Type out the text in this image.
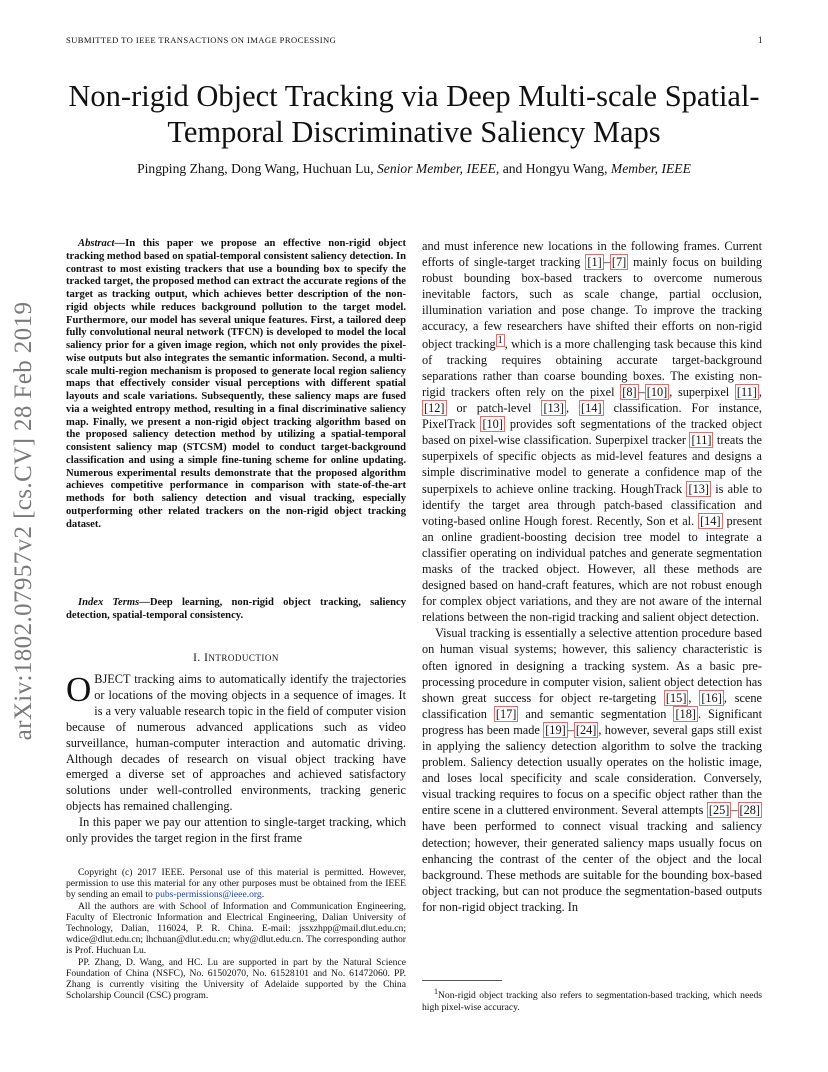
SUBMITTED TO IEEE TRANSACTIONS ON IMAGE PROCESSING	1
Non-rigid Object Tracking via Deep Multi-scale Spatial-Temporal Discriminative Saliency Maps
Pingping Zhang, Dong Wang, Huchuan Lu, Senior Member, IEEE, and Hongyu Wang, Member, IEEE
arXiv:1802.07957v2 [cs.CV] 28 Feb 2019

Abstract—In this paper we propose an effective non-rigid object tracking method based on spatial-temporal consistent saliency detection. In contrast to most existing trackers that use a bounding box to specify the tracked target, the proposed method can extract the accurate regions of the target as tracking output, which achieves better description of the non-rigid objects while reduces background pollution to the target model. Furthermore, our model has several unique features. First, a tailored deep fully convolutional neural network (TFCN) is developed to model the local saliency prior for a given image region, which not only provides the pixel-wise outputs but also integrates the semantic information. Second, a multi-scale multi-region mechanism is proposed to generate local region saliency maps that effectively consider visual perceptions with different spatial layouts and scale variations. Subsequently, these saliency maps are fused via a weighted entropy method, resulting in a final discriminative saliency map. Finally, we present a non-rigid object tracking algorithm based on the proposed saliency detection method by utilizing a spatial-temporal consistent saliency map (STCSM) model to conduct target-background classification and using a simple fine-tuning scheme for online updating. Numerous experimental results demonstrate that the proposed algorithm achieves competitive performance in comparison with state-of-the-art methods for both saliency detection and visual tracking, especially outperforming other related trackers on the non-rigid object tracking dataset.

Index Terms—Deep learning, non-rigid object tracking, saliency detection, spatial-temporal consistency.

I. INTRODUCTION

OBJECT tracking aims to automatically identify the trajectories or locations of the moving objects in a sequence of images. It is a very valuable research topic in the field of computer vision because of numerous advanced applications such as video surveillance, human-computer interaction and automatic driving. Although decades of research on visual object tracking have emerged a diverse set of approaches and achieved satisfactory solutions under well-controlled environments, tracking generic objects has remained challenging.

In this paper we pay our attention to single-target tracking, which only provides the target region in the first frame

Copyright (c) 2017 IEEE. Personal use of this material is permitted. However, permission to use this material for any other purposes must be obtained from the IEEE by sending an email to pubs-permissions@ieee.org.

All the authors are with School of Information and Communication Engineering, Faculty of Electronic Information and Electrical Engineering, Dalian University of Technology, Dalian, 116024, P. R. China. E-mail: jssxzhpp@mail.dlut.edu.cn; wdice@dlut.edu.cn; lhchuan@dlut.edu.cn; why@dlut.edu.cn. The corresponding author is Prof. Huchuan Lu.

PP. Zhang, D. Wang, and HC. Lu are supported in part by the Natural Science Foundation of China (NSFC), No. 61502070, No. 61528101 and No. 61472060. PP. Zhang is currently visiting the University of Adelaide supported by the China Scholarship Council (CSC) program.

and must inference new locations in the following frames. Current efforts of single-target tracking [1] – [7] mainly focus on building robust bounding box-based trackers to overcome numerous inevitable factors, such as scale change, partial occlusion, illumination variation and pose change. To improve the tracking accuracy, a few researchers have shifted their efforts on non-rigid object tracking $^1$ , which is a more challenging task because this kind of tracking requires obtaining accurate target-background separations rather than coarse bounding boxes. The existing non-rigid trackers often rely on the pixel [8] – [10] , superpixel [11] , [12] or patch-level [13] , [14] classification. For instance, PixelTrack [10] provides soft segmentations of the tracked object based on pixel-wise classification. Superpixel tracker [11] treats the superpixels of specific objects as mid-level features and designs a simple discriminative model to generate a confidence map of the superpixels to achieve online tracking. HoughTrack [13] is able to identify the target area through patch-based classification and voting-based online Hough forest. Recently, Son et al. [14] present an online gradient-boosting decision tree model to integrate a classifier operating on individual patches and generate segmentation masks of the tracked object. However, all these methods are designed based on hand-craft features, which are not robust enough for complex object variations, and they are not aware of the internal relations between the non-rigid tracking and salient object detection.

Visual tracking is essentially a selective attention procedure based on human visual systems; however, this saliency characteristic is often ignored in designing a tracking system. As a basic pre-processing procedure in computer vision, salient object detection has shown great success for object re-targeting [15] , [16] , scene classification [17] and semantic segmentation [18] . Significant progress has been made [19] – [24] , however, several gaps still exist in applying the saliency detection algorithm to solve the tracking problem. Saliency detection usually operates on the holistic image, and loses local specificity and scale consideration. Conversely, visual tracking requires to focus on a specific object rather than the entire scene in a cluttered environment. Several attempts [25] – [28] have been performed to connect visual tracking and saliency detection; however, their generated saliency maps usually focus on enhancing the contrast of the center of the object and the local background. These methods are suitable for the bounding box-based object tracking, but can not produce the segmentation-based outputs for non-rigid object tracking. In

$^1$Non-rigid object tracking also refers to segmentation-based tracking, which needs high pixel-wise accuracy.
